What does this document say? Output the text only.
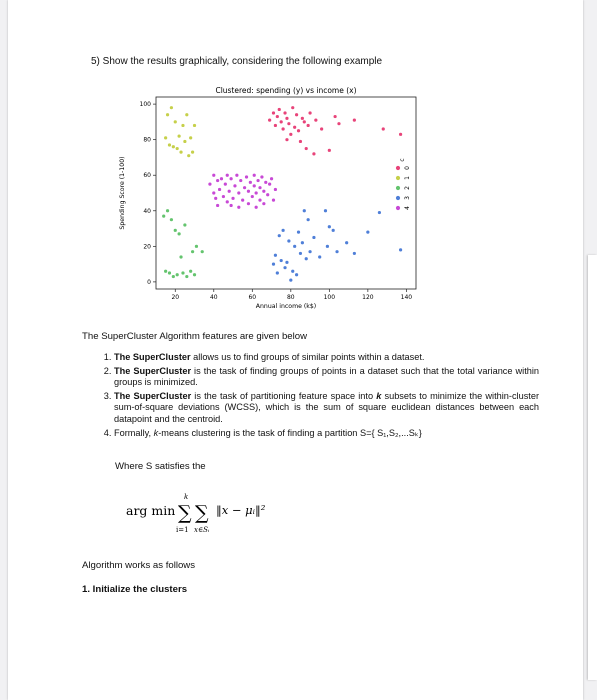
5) Show the results graphically, considering the following example
Clustered: spending (y) vs income (x)
20	40	60	80	100	120	140
0
20
40
60
80
100
Annual income (k$)
Spending Score (1-100)	c
0
1
2
3
4
The SuperCluster Algorithm features are given below
1. The SuperCluster allows us to find groups of similar points within a dataset.
2. The SuperCluster is the task of finding groups of points in a dataset such that the total variance within groups is minimized.
3. The SuperCluster is the task of partitioning feature space into k subsets to minimize the within-cluster sum-of-square deviations (WCSS), which is the sum of square euclidean distances between each datapoint and the centroid.
4. Formally, k-means clustering is the task of finding a partition S={ S₁,S₂,...Sₖ}
Where S satisfies the
arg min ∑ ∑
k
i=1 x∈Sᵢ
‖x − μᵢ‖²
Algorithm works as follows
1. Initialize the clusters
